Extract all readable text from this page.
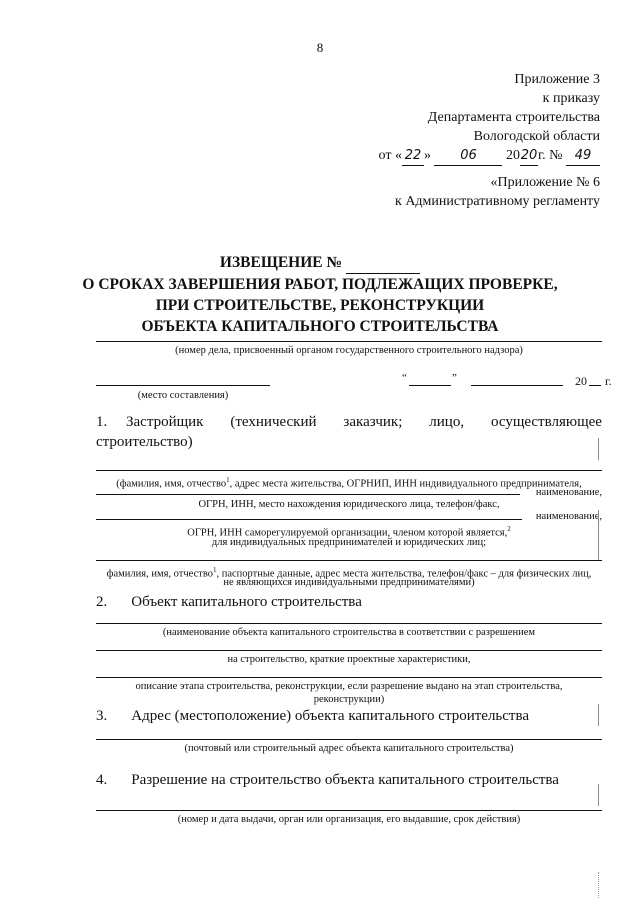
8
Приложение 3
к приказу
Департамента строительства
Вологодской области
от « 22 » 06 2020г. № 49
«Приложение № 6
к Административному регламенту
ИЗВЕЩЕНИЕ №
О СРОКАХ ЗАВЕРШЕНИЯ РАБОТ, ПОДЛЕЖАЩИХ ПРОВЕРКЕ,
ПРИ СТРОИТЕЛЬСТВЕ, РЕКОНСТРУКЦИИ
ОБЪЕКТА КАПИТАЛЬНОГО СТРОИТЕЛЬСТВА
(номер дела, присвоенный органом государственного строительного надзора)
“	”	20 г.
(место составления)
1. Застройщик (технический заказчик; лицо, осуществляющее
строительство)
(фамилия, имя, отчество$^1$, адрес места жительства, ОГРНИП, ИНН индивидуального предпринимателя,
наименование,
ОГРН, ИНН, место нахождения юридического лица, телефон/факс,
наименование,
ОГРН, ИНН саморегулируемой организации, членом которой является,$^2$
для индивидуальных предпринимателей и юридических лиц;
фамилия, имя, отчество$^1$, паспортные данные, адрес места жительства, телефон/факс – для физических лиц,
не являющихся индивидуальными предпринимателями)
2. Объект капитального строительства
(наименование объекта капитального строительства в соответствии с разрешением
на строительство, краткие проектные характеристики,
описание этапа строительства, реконструкции, если разрешение выдано на этап строительства,
реконструкции)
3. Адрес (местоположение) объекта капитального строительства
(почтовый или строительный адрес объекта капитального строительства)
4. Разрешение на строительство объекта капитального строительства
(номер и дата выдачи, орган или организация, его выдавшие, срок действия)
